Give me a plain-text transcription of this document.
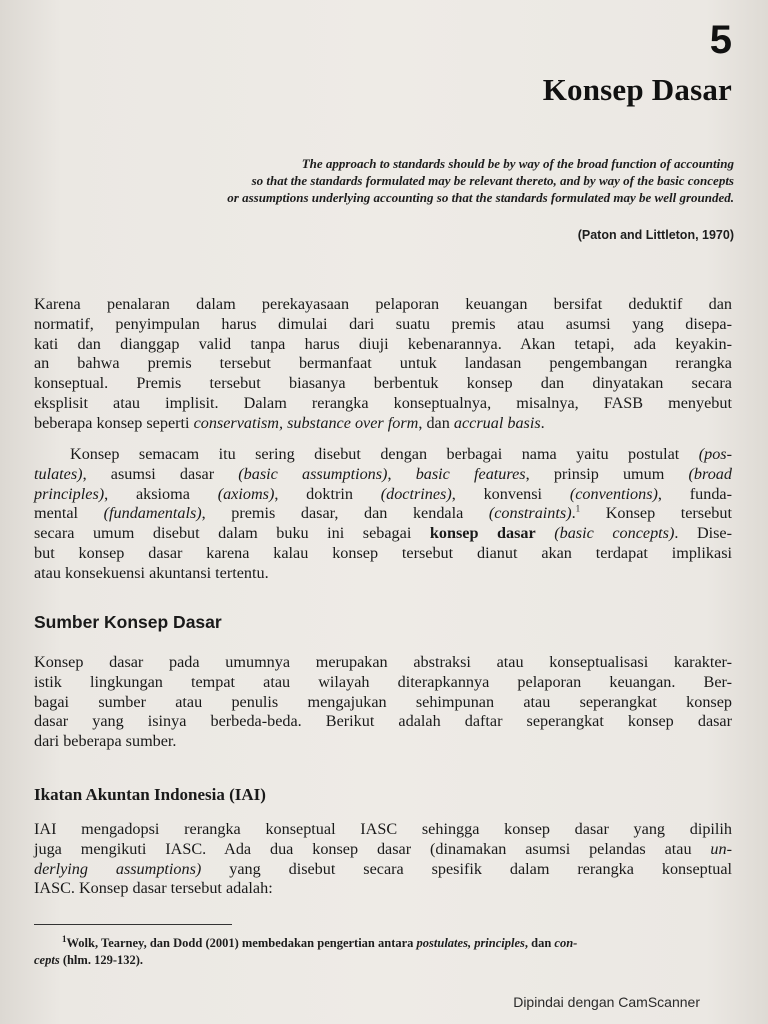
5
Konsep Dasar
The approach to standards should be by way of the broad function of accounting
so that the standards formulated may be relevant thereto, and by way of the basic concepts
or assumptions underlying accounting so that the standards formulated may be well grounded.
(Paton and Littleton, 1970)
Karena penalaran dalam perekayasaan pelaporan keuangan bersifat deduktif dan
normatif, penyimpulan harus dimulai dari suatu premis atau asumsi yang disepa-
kati dan dianggap valid tanpa harus diuji kebenarannya. Akan tetapi, ada keyakin-
an bahwa premis tersebut bermanfaat untuk landasan pengembangan rerangka
konseptual. Premis tersebut biasanya berbentuk konsep dan dinyatakan secara
eksplisit atau implisit. Dalam rerangka konseptualnya, misalnya, FASB menyebut
beberapa konsep seperti conservatism, substance over form, dan accrual basis.
Konsep semacam itu sering disebut dengan berbagai nama yaitu postulat (pos-
tulates), asumsi dasar (basic assumptions), basic features, prinsip umum (broad
principles), aksioma (axioms), doktrin (doctrines), konvensi (conventions), funda-
mental (fundamentals), premis dasar, dan kendala (constraints).$^1$ Konsep tersebut
secara umum disebut dalam buku ini sebagai konsep dasar (basic concepts). Dise-
but konsep dasar karena kalau konsep tersebut dianut akan terdapat implikasi
atau konsekuensi akuntansi tertentu.
Sumber Konsep Dasar
Konsep dasar pada umumnya merupakan abstraksi atau konseptualisasi karakter-
istik lingkungan tempat atau wilayah diterapkannya pelaporan keuangan. Ber-
bagai sumber atau penulis mengajukan sehimpunan atau seperangkat konsep
dasar yang isinya berbeda-beda. Berikut adalah daftar seperangkat konsep dasar
dari beberapa sumber.
Ikatan Akuntan Indonesia (IAI)
IAI mengadopsi rerangka konseptual IASC sehingga konsep dasar yang dipilih
juga mengikuti IASC. Ada dua konsep dasar (dinamakan asumsi pelandas atau un-
derlying assumptions) yang disebut secara spesifik dalam rerangka konseptual
IASC. Konsep dasar tersebut adalah:
$^1$Wolk, Tearney, dan Dodd (2001) membedakan pengertian antara postulates, principles, dan con-
cepts (hlm. 129-132).
Dipindai dengan CamScanner
